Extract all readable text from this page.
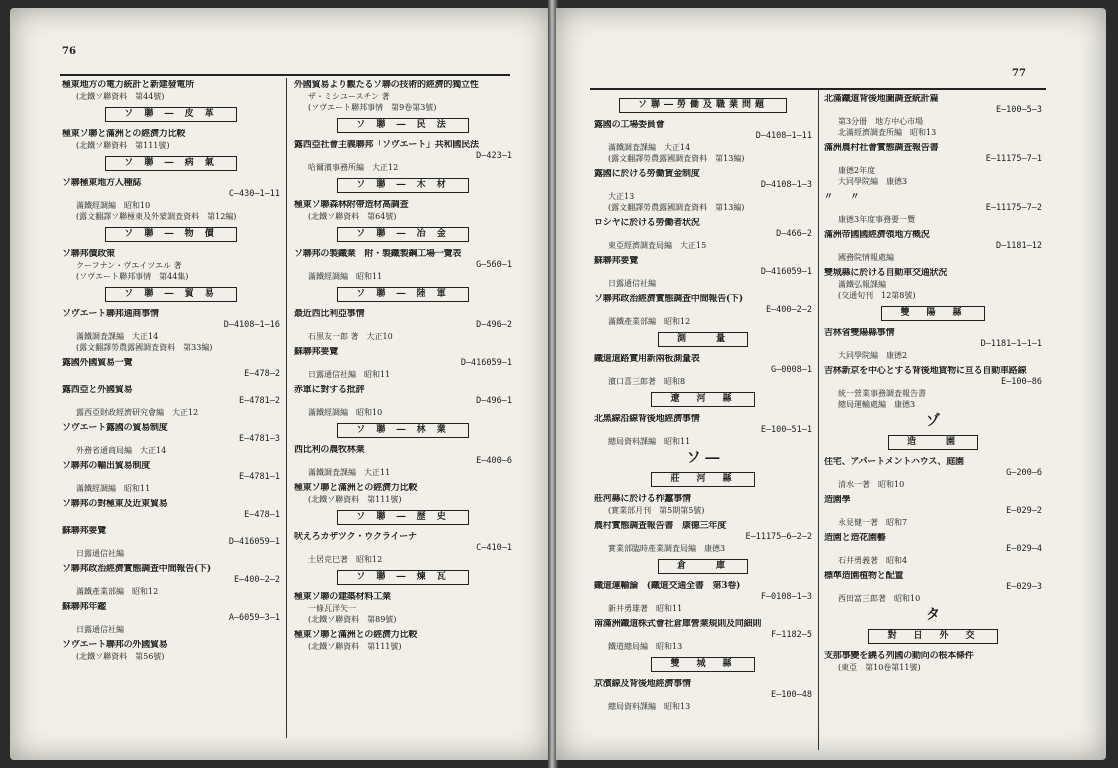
76
極東地方の電力統計と新建發電所
(北鐵ソ聯資料　第44號)
ソ 聯 ― 皮 革
極東ソ聯と滿洲との經濟力比較
(北鐵ソ聯資料　第111號)
ソ 聯 ― 病 氣
ソ聯極東地方人種誌
C―430―1―11
滿鐵經調編　昭和10
(露文翻譯ソ聯極東及外蒙調査資料　第12編)
ソ 聯 ― 物 價
ソ聯邦價政策
クーフナン・ヴエイツエル 著
(ソヴエート聯邦事情　第44集)
ソ 聯 ― 貿 易
ソヴエート聯邦通商事情
D―4108―1―16
滿鐵調査課編　大正14
(露文翻譯勞農露國調査資料　第33編)
露國外國貿易一覽
E―478―2
露西亞と外國貿易
E―4781―2
露西亞財政經濟研究會編　大正12
ソヴエート露國の貿易制度
E―4781―3
外務省通商局編　大正14
ソ聯邦の輸出貿易制度
E―4781―1
滿鐵經調編　昭和11
ソ聯邦の對極東及近東貿易
E―478―1
蘇聯邦要覽
D―416059―1
日露通信社編
ソ聯邦政治經濟實態調査中間報告(下)
E―400―2―2
滿鐵產業部編　昭和12
蘇聯邦年鑑
A―6059―3―1
日露通信社編
ソヴエート聯邦の外國貿易
(北鐵ソ聯資料　第56號)
外國貿易より觀たるソ聯の技術的經濟的獨立性
ザ・ミシユースチン 著
(ソヴエート聯邦事情　第9卷第3號)
ソ 聯 ― 民 法
露西亞社會主義聯邦「ソヴエート」共和國民法
D―423―1
哈爾濱事務所編　大正12
ソ 聯 ― 木 材
極東ソ聯森林附帶造材高調査
(北鐵ソ聯資料　第64號)
ソ 聯 ― 冶 金
ソ聯邦の製鐵業　附・製鐵製鋼工場一覽表
G―560―1
滿鐵經調編　昭和11
ソ 聯 ― 陸 軍
最近西比利亞事情
D―496―2
石黒友一郎 著　大正10
蘇聯邦要覽
D―416059―1
日露通信社編　昭和11
赤軍に對する批評
D―496―1
滿鐵經調編　昭和10
ソ 聯 ― 林 業
西比利の農牧林業
E―400―6
滿鐵調査課編　大正11
極東ソ聯と滿洲との經濟力比較
(北鐵ソ聯資料　第111號)
ソ 聯 ― 歴 史
吠えろカザツク・ウクライーナ
C―410―1
土居克巳著　昭和12
ソ 聯 ― 煉 瓦
極東ソ聯の建築材料工業
一條瓦洋矢一
(北鐵ソ聯資料　第89號)
極東ソ聯と滿洲との經濟力比較
(北鐵ソ聯資料　第111號)
77
ソ聯―勞働及職業問題
露國の工場委員會
D―4108―1―11
滿鐵調査課編　大正14
(露文翻譯勞農露國調査資料　第13編)
露國に於ける勞働賃金制度
D―4108―1―3
大正13
(露文翻譯勞農露國調査資料　第13編)
ロシヤに於ける勞働者状況
D―466―2
東亞經濟調査局編　大正15
蘇聯邦要覽
D―416059―1
日露通信社編
ソ聯邦政治經濟實態調査中間報告(下)
E―400―2―2
滿鐵產業部編　昭和12
測　　量
鐵道道路實用新兩板測量表
G―0008―1
濱口喜三郎著　昭和8
遼　河　縣
北黑線沿線背後地經濟事情
E―100―51―1
總局資料課編　昭和11
ソ ―
莊　河　縣
莊河縣に於ける柞蠶事情
(實業部月刊　第5期第5號)
農村實態調査報告書　康德三年度
E―11175―6―2―2
實業部臨時產業調査局編　康德3
倉　　庫
鐵道運輸論　(鐵道交通全書　第3卷)
F―0108―1―3
新井勇雄著　昭和11
南滿洲鐵道株式會社倉庫營業規則及同細則
F―1182―5
鐵道總局編　昭和13
雙　城　縣
京濱線及背後地經濟事情
E―100―48
總局資料課編　昭和13
北滿鐵道背後地圖調査統計篇
E―100―5―3
第3分冊　地方中心市場
北滿經濟調査所編　昭和13
滿洲農村社會實態調査報告書
E―11175―7―1
康德2年度
大同學院編　康德3
〃　　〃
E―11175―7―2
康德3年度事務要一覽
滿洲帝國國經濟領地方概況
D―1181―12
國務院情報處編
雙城縣に於ける自動車交通狀況
滿鐵弘報課編
(交通旬刊　12第8號)
雙　陽　縣
吉林省雙陽縣事情
D―1181―1―1―1
大同學院編　康德2
吉林新京を中心とする背後地貨物に亘る自動車路線
E―100―86
統一營業事務調査報告書
總局運輸處編　康德3
ゾ
造　　園
住宅、アパートメントハウス、庭園
G―200―6
清水一著　昭和10
造園學
E―029―2
永見健一著　昭和7
造園と造花園藝
E―029―4
石井勇義著　昭和4
標準造園植物と配置
E―029―3
西田富三郎著　昭和10
タ
對　日　外　交
支那事變を繞る列國の動向の根本條件
(東亞　第10卷第11號)
